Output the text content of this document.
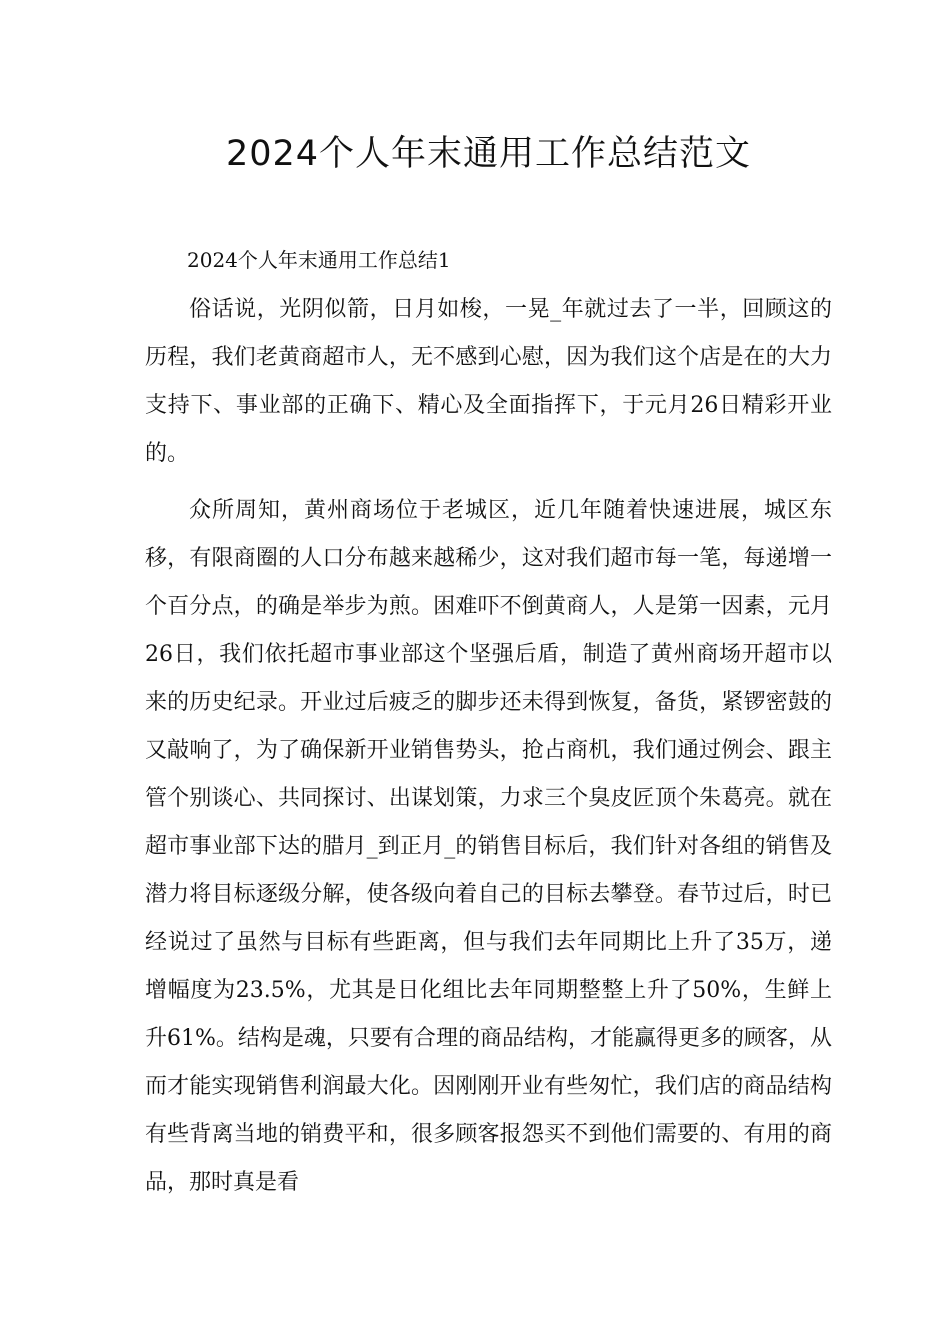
2024个人年末通用工作总结范文
2024个人年末通用工作总结1

俗话说，光阴似箭，日月如梭，一晃_年就过去了一半，回顾这的历程，我们老黄商超市人，无不感到心慰，因为我们这个店是在的大力支持下、事业部的正确下、精心及全面指挥下，于元月26日精彩开业的。

众所周知，黄州商场位于老城区，近几年随着快速进展，城区东移，有限商圈的人口分布越来越稀少，这对我们超市每一笔，每递增一个百分点，的确是举步为煎。困难吓不倒黄商人，人是第一因素，元月26日，我们依托超市事业部这个坚强后盾，制造了黄州商场开超市以来的历史纪录。开业过后疲乏的脚步还未得到恢复，备货，紧锣密鼓的又敲响了，为了确保新开业销售势头，抢占商机，我们通过例会、跟主管个别谈心、共同探讨、出谋划策，力求三个臭皮匠顶个朱葛亮。就在超市事业部下达的腊月_到正月_的销售目标后，我们针对各组的销售及潜力将目标逐级分解，使各级向着自己的目标去攀登。春节过后，时已经说过了虽然与目标有些距离，但与我们去年同期比上升了35万，递增幅度为23.5%，尤其是日化组比去年同期整整上升了50%，生鲜上升61%。结构是魂，只要有合理的商品结构，才能赢得更多的顾客，从而才能实现销售利润最大化。因刚刚开业有些匆忙，我们店的商品结构有些背离当地的销费平和，很多顾客报怨买不到他们需要的、有用的商品，那时真是看
